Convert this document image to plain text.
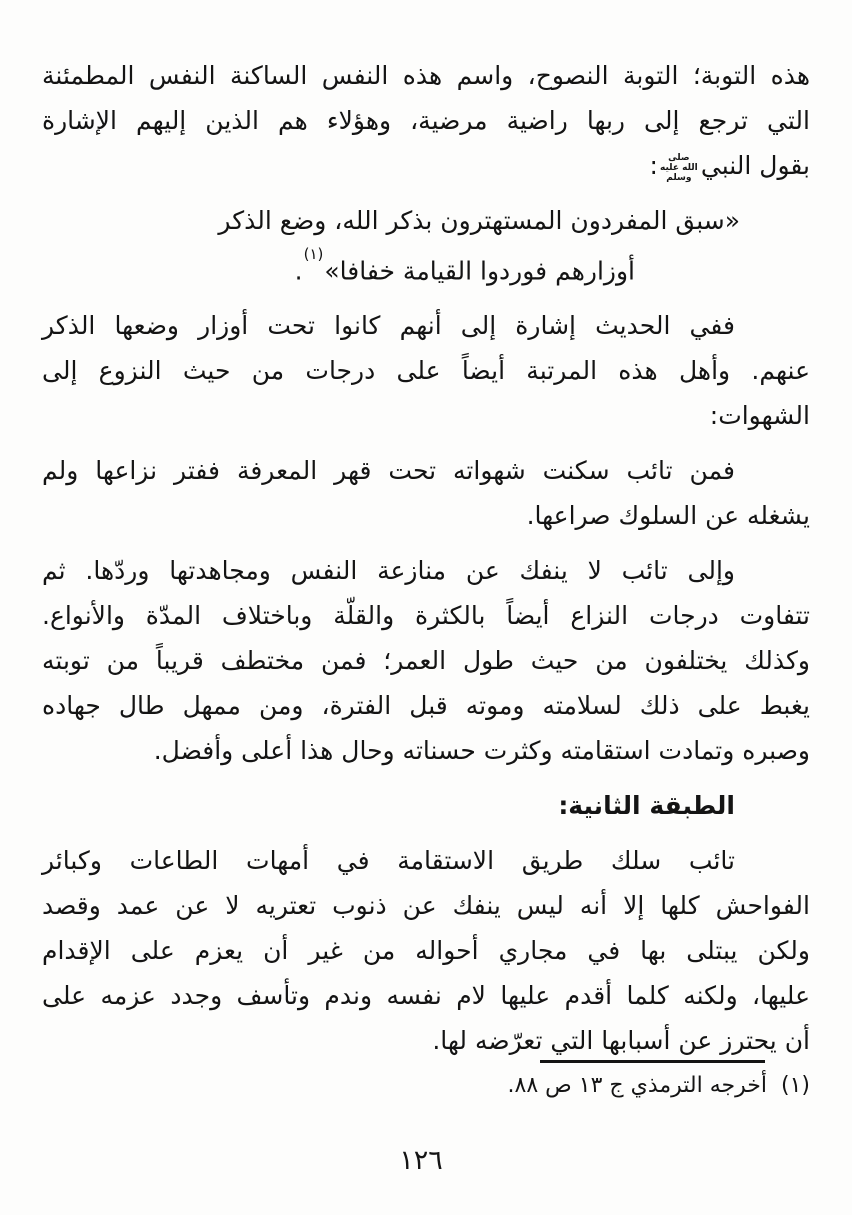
هذه التوبة؛ التوبة النصوح، واسم هذه النفس الساكنة النفس المطمئنة
التي ترجع إلى ربها راضية مرضية، وهؤلاء هم الذين إليهم الإشارة
بقول النبيصلى الله عليه وسلم:
«سبق المفردون المستهترون بذكر الله، وضع الذكر
أوزارهم فوردوا القيامة خفافا»$^{(١)}$.
ففي الحديث إشارة إلى أنهم كانوا تحت أوزار وضعها الذكر
عنهم. وأهل هذه المرتبة أيضاً على درجات من حيث النزوع إلى
الشهوات:
فمن تائب سكنت شهواته تحت قهر المعرفة ففتر نزاعها ولم
يشغله عن السلوك صراعها.
وإلى تائب لا ينفك عن منازعة النفس ومجاهدتها وردّها. ثم
تتفاوت درجات النزاع أيضاً بالكثرة والقلّة وباختلاف المدّة والأنواع.
وكذلك يختلفون من حيث طول العمر؛ فمن مختطف قريباً من توبته
يغبط على ذلك لسلامته وموته قبل الفترة، ومن ممهل طال جهاده
وصبره وتمادت استقامته وكثرت حسناته وحال هذا أعلى وأفضل.
الطبقة الثانية:
تائب سلك طريق الاستقامة في أمهات الطاعات وكبائر
الفواحش كلها إلا أنه ليس ينفك عن ذنوب تعتريه لا عن عمد وقصد
ولكن يبتلى بها في مجاري أحواله من غير أن يعزم على الإقدام
عليها، ولكنه كلما أقدم عليها لام نفسه وندم وتأسف وجدد عزمه على
أن يحترز عن أسبابها التي تعرّضه لها.
(١)أخرجه الترمذي ج ١٣ ص ٨٨.
١٢٦
